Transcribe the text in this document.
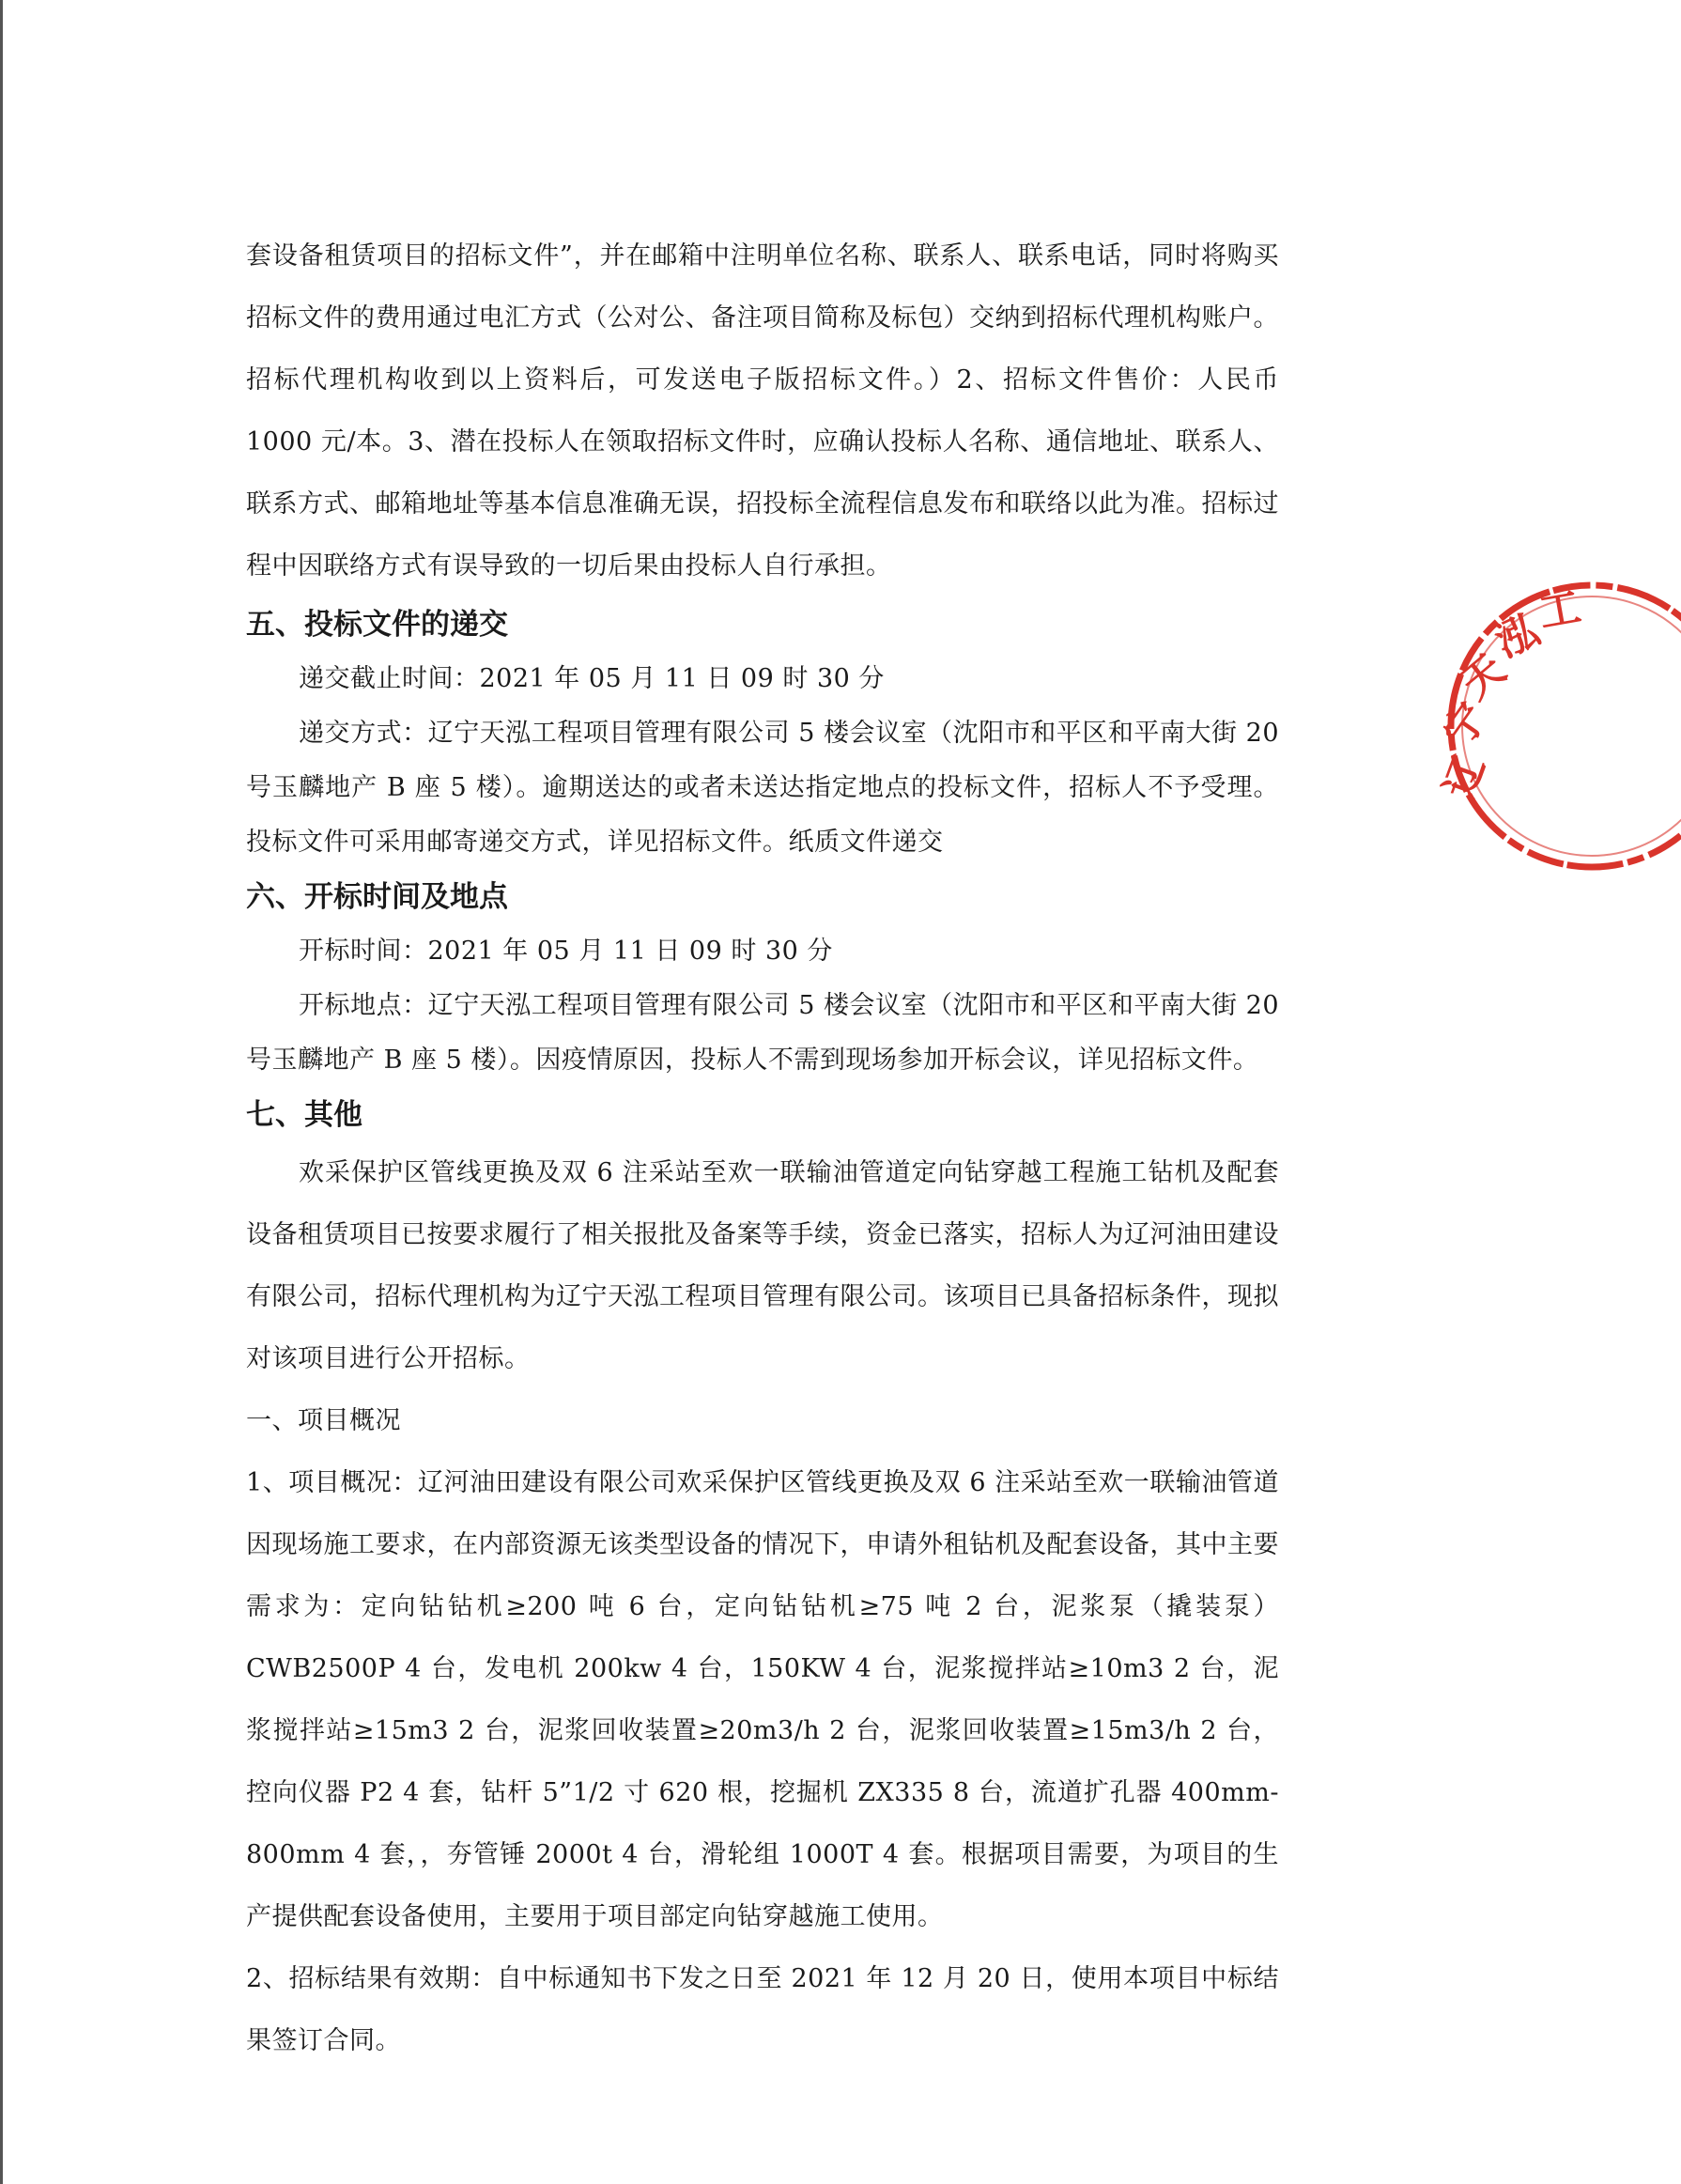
套设备租赁项目的招标文件”，并在邮箱中注明单位名称、联系人、联系电话，同时将购买招标文件的费用通过电汇方式（公对公、备注项目简称及标包）交纳到招标代理机构账户。招标代理机构收到以上资料后，可发送电子版招标文件。）2、招标文件售价：人民币 1000 元/本。3、潜在投标人在领取招标文件时，应确认投标人名称、通信地址、联系人、联系方式、邮箱地址等基本信息准确无误，招投标全流程信息发布和联络以此为准。招标过程中因联络方式有误导致的一切后果由投标人自行承担。

五、投标文件的递交

递交截止时间：2021 年 05 月 11 日 09 时 30 分

递交方式：辽宁天泓工程项目管理有限公司 5 楼会议室（沈阳市和平区和平南大街 20 号玉麟地产 B 座 5 楼）。逾期送达的或者未送达指定地点的投标文件，招标人不予受理。投标文件可采用邮寄递交方式，详见招标文件。纸质文件递交

六、开标时间及地点

开标时间：2021 年 05 月 11 日 09 时 30 分

开标地点：辽宁天泓工程项目管理有限公司 5 楼会议室（沈阳市和平区和平南大街 20 号玉麟地产 B 座 5 楼）。因疫情原因，投标人不需到现场参加开标会议，详见招标文件。

七、其他

欢采保护区管线更换及双 6 注采站至欢一联输油管道定向钻穿越工程施工钻机及配套设备租赁项目已按要求履行了相关报批及备案等手续，资金已落实，招标人为辽河油田建设有限公司，招标代理机构为辽宁天泓工程项目管理有限公司。该项目已具备招标条件，现拟对该项目进行公开招标。

一、项目概况

1、项目概况：辽河油田建设有限公司欢采保护区管线更换及双 6 注采站至欢一联输油管道因现场施工要求，在内部资源无该类型设备的情况下，申请外租钻机及配套设备，其中主要需求为：定向钻钻机≥200 吨 6 台，定向钻钻机≥75 吨 2 台，泥浆泵（撬装泵）CWB2500P 4 台，发电机 200kw 4 台，150KW 4 台，泥浆搅拌站≥10m3 2 台，泥浆搅拌站≥15m3 2 台，泥浆回收装置≥20m3/h 2 台，泥浆回收装置≥15m3/h 2 台，控向仪器 P2 4 套，钻杆 5”1/2 寸 620 根，挖掘机 ZX335 8 台，流道扩孔器 400mm-800mm 4 套，，夯管锤 2000t 4 台，滑轮组 1000T 4 套。根据项目需要，为项目的生产提供配套设备使用，主要用于项目部定向钻穿越施工使用。

2、招标结果有效期：自中标通知书下发之日至 2021 年 12 月 20 日，使用本项目中标结果签订合同。

辽
宁
天
泓
工
